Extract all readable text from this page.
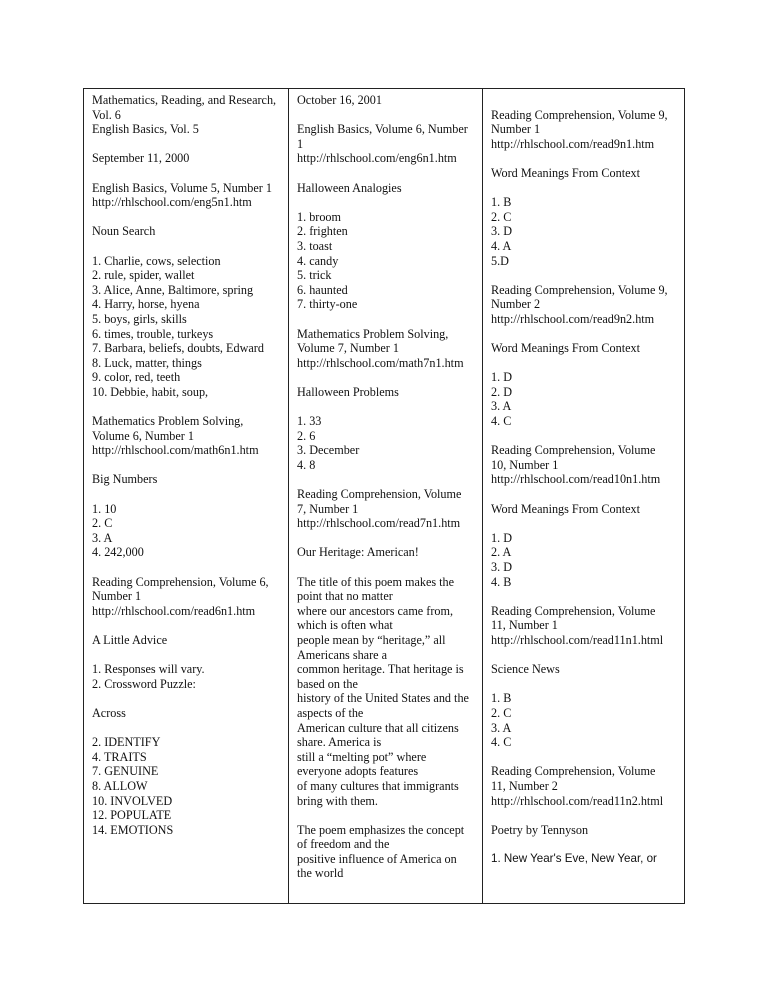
Mathematics, Reading, and Research,
Vol. 6
English Basics, Vol. 5
September 11, 2000
English Basics, Volume 5, Number 1
http://rhlschool.com/eng5n1.htm
Noun Search
1. Charlie, cows, selection
2. rule, spider, wallet
3. Alice, Anne, Baltimore, spring
4. Harry, horse, hyena
5. boys, girls, skills
6. times, trouble, turkeys
7. Barbara, beliefs, doubts, Edward
8. Luck, matter, things
9. color, red, teeth
10. Debbie, habit, soup,
Mathematics Problem Solving,
Volume 6, Number 1
http://rhlschool.com/math6n1.htm
Big Numbers
1. 10
2. C
3. A
4. 242,000
Reading Comprehension, Volume 6,
Number 1
http://rhlschool.com/read6n1.htm
A Little Advice
1. Responses will vary.
2. Crossword Puzzle:
Across
2. IDENTIFY
4. TRAITS
7. GENUINE
8. ALLOW
10. INVOLVED
12. POPULATE
14. EMOTIONS
October 16, 2001
English Basics, Volume 6, Number
1
http://rhlschool.com/eng6n1.htm
Halloween Analogies
1. broom
2. frighten
3. toast
4. candy
5. trick
6. haunted
7. thirty-one
Mathematics Problem Solving,
Volume 7, Number 1
http://rhlschool.com/math7n1.htm
Halloween Problems
1. 33
2. 6
3. December
4. 8
Reading Comprehension, Volume
7, Number 1
http://rhlschool.com/read7n1.htm
Our Heritage: American!
The title of this poem makes the
point that no matter
where our ancestors came from,
which is often what
people mean by “heritage,” all
Americans share a
common heritage. That heritage is
based on the
history of the United States and the
aspects of the
American culture that all citizens
share. America is
still a “melting pot” where
everyone adopts features
of many cultures that immigrants
bring with them.
The poem emphasizes the concept
of freedom and the
positive influence of America on
the world
Reading Comprehension, Volume 9,
Number 1
http://rhlschool.com/read9n1.htm
Word Meanings From Context
1. B
2. C
3. D
4. A
5.D
Reading Comprehension, Volume 9,
Number 2
http://rhlschool.com/read9n2.htm
Word Meanings From Context
1. D
2. D
3. A
4. C
Reading Comprehension, Volume
10, Number 1
http://rhlschool.com/read10n1.htm
Word Meanings From Context
1. D
2. A
3. D
4. B
Reading Comprehension, Volume
11, Number 1
http://rhlschool.com/read11n1.html
Science News
1. B
2. C
3. A
4. C
Reading Comprehension, Volume
11, Number 2
http://rhlschool.com/read11n2.html
Poetry by Tennyson
1. New Year's Eve, New Year, or
